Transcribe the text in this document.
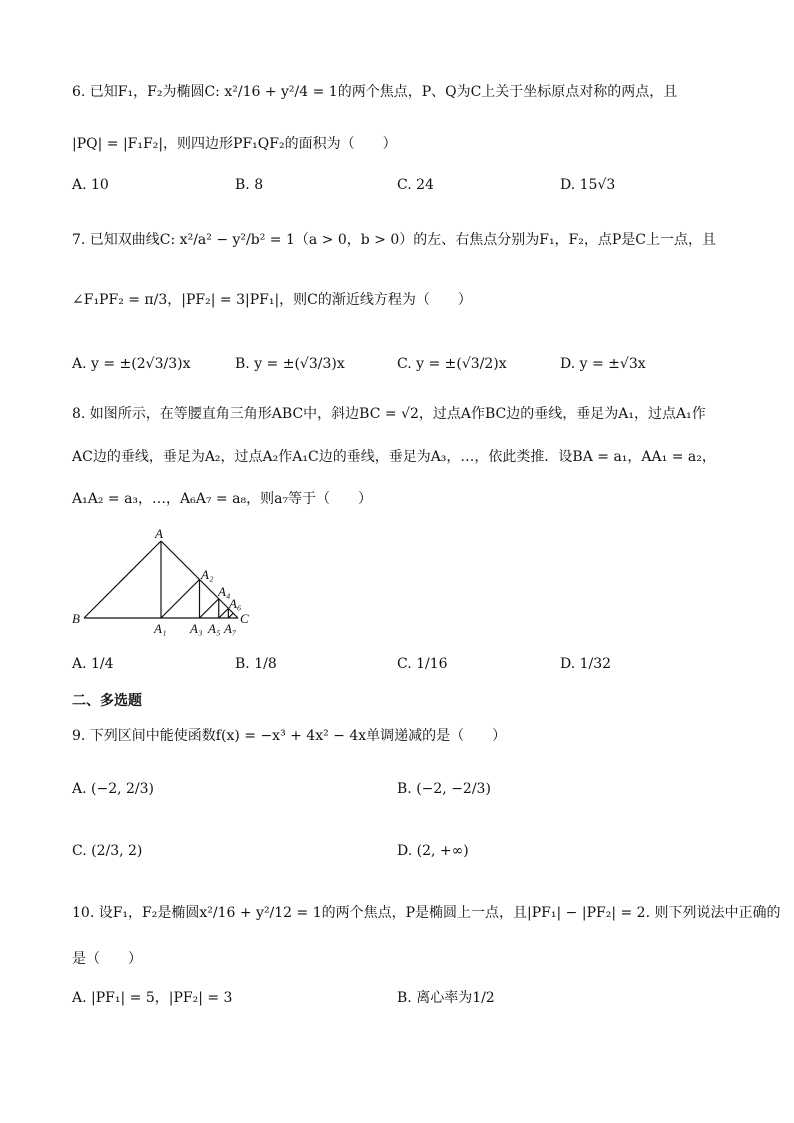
6. 已知F₁，F₂为椭圆C: x²/16 + y²/4 = 1的两个焦点，P、Q为C上关于坐标原点对称的两点，且
|PQ| = |F₁F₂|，则四边形PF₁QF₂的面积为（　　）
A. 10	B. 8	C. 24	D. 15√3
7. 已知双曲线C: x²/a² − y²/b² = 1（a > 0，b > 0）的左、右焦点分别为F₁，F₂，点P是C上一点，且
∠F₁PF₂ = π/3，|PF₂| = 3|PF₁|，则C的渐近线方程为（　　）
A. y = ±(2√3/3)x	B. y = ±(√3/3)x	C. y = ±(√3/2)x	D. y = ±√3x
8. 如图所示，在等腰直角三角形ABC中，斜边BC = √2，过点A作BC边的垂线，垂足为A₁，过点A₁作
AC边的垂线，垂足为A₂，过点A₂作A₁C边的垂线，垂足为A₃，…，依此类推．设BA = a₁，AA₁ = a₂，
A₁A₂ = a₃，…，A₆A₇ = a₈，则a₇等于（　　）
A
B	C
A₁
A₂
A₃
A₄
A₅
A₆
A₇
A. 1/4	B. 1/8	C. 1/16	D. 1/32
二、多选题
9. 下列区间中能使函数f(x) = −x³ + 4x² − 4x单调递减的是（　　）
A. (−2, 2/3)	B. (−2, −2/3)
C. (2/3, 2)	D. (2, +∞)
10. 设F₁，F₂是椭圆x²/16 + y²/12 = 1的两个焦点，P是椭圆上一点，且|PF₁| − |PF₂| = 2. 则下列说法中正确的
是（　　）
A. |PF₁| = 5，|PF₂| = 3	B. 离心率为1/2
